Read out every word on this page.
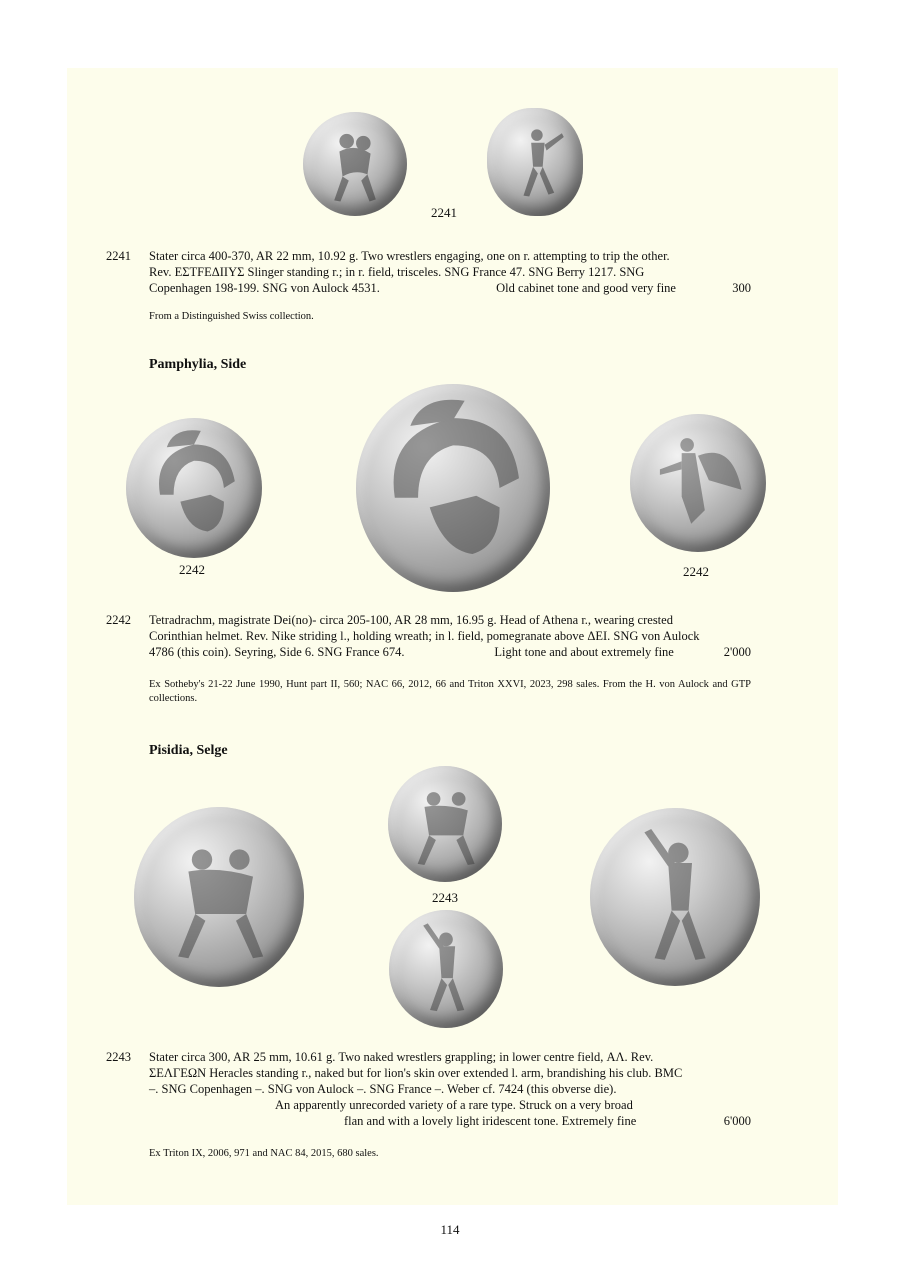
2241
2241 Stater circa 400-370, AR 22 mm, 10.92 g. Two wrestlers engaging, one on r. attempting to trip the other.
Rev. ΕΣΤFΕΔΙΙΥΣ Slinger standing r.; in r. field, trisceles. SNG France 47. SNG Berry 1217. SNG
Copenhagen 198-199. SNG von Aulock 4531.	Old cabinet tone and good very fine	300
From a Distinguished Swiss collection.
Pamphylia, Side
2242	2242
2242 Tetradrachm, magistrate Dei(no)- circa 205-100, AR 28 mm, 16.95 g. Head of Athena r., wearing crested
Corinthian helmet. Rev. Nike striding l., holding wreath; in l. field, pomegranate above ΔΕΙ. SNG von Aulock
4786 (this coin). Seyring, Side 6. SNG France 674.	Light tone and about extremely fine	2'000
Ex Sotheby's 21-22 June 1990, Hunt part II, 560; NAC 66, 2012, 66 and Triton XXVI, 2023, 298 sales. From the H. von Aulock and GTP collections.
Pisidia, Selge
2243
2243 Stater circa 300, AR 25 mm, 10.61 g. Two naked wrestlers grappling; in lower centre field, ΑΛ. Rev.
ΣΕΛΓΕΩΝ Heracles standing r., naked but for lion's skin over extended l. arm, brandishing his club. BMC
–. SNG Copenhagen –. SNG von Aulock –. SNG France –. Weber cf. 7424 (this obverse die).
An apparently unrecorded variety of a rare type. Struck on a very broad
flan and with a lovely light iridescent tone. Extremely fine	6'000
Ex Triton IX, 2006, 971 and NAC 84, 2015, 680 sales.
114
